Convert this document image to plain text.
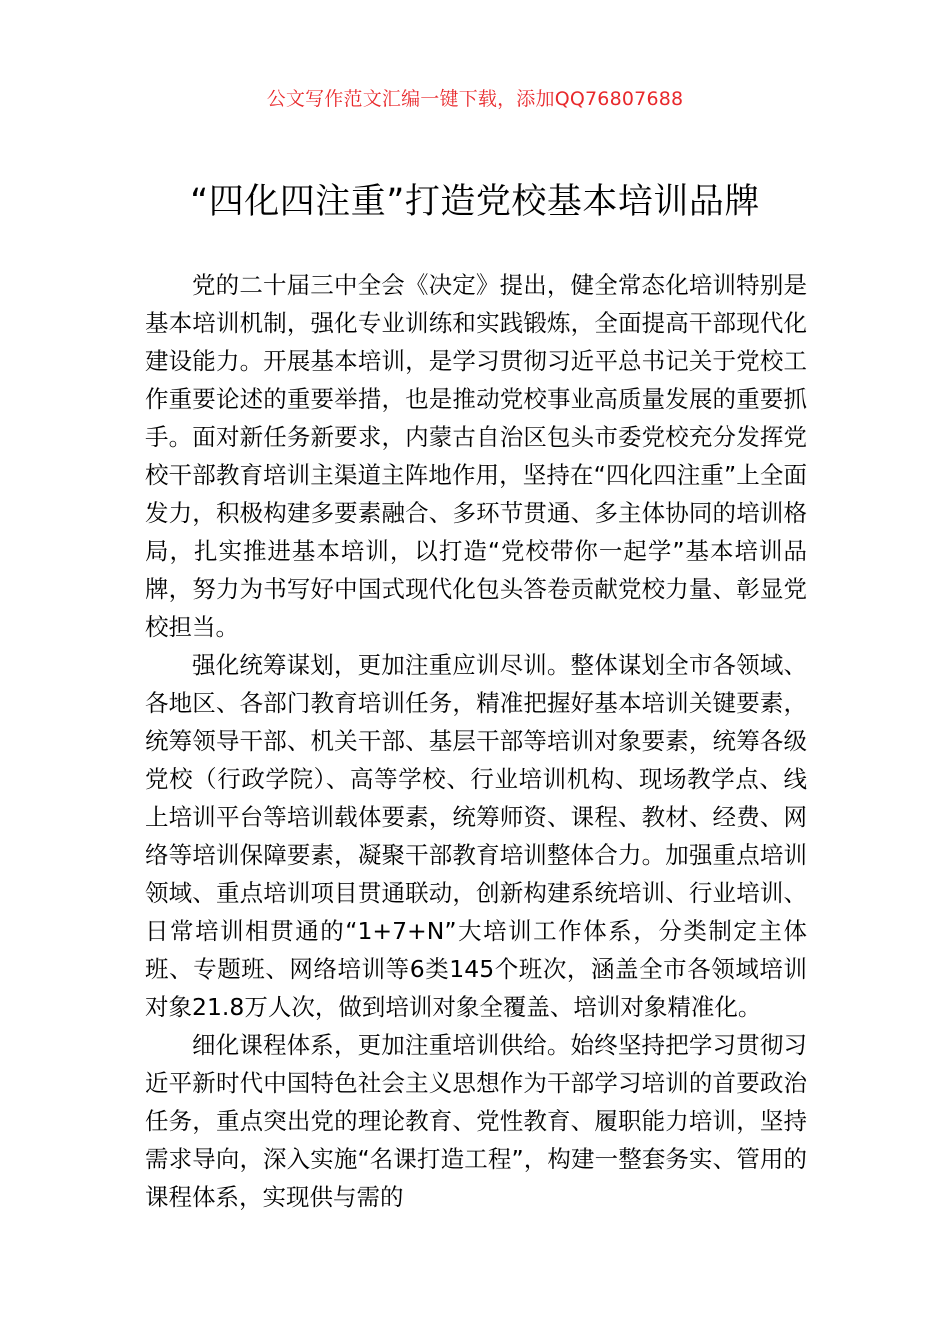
公文写作范文汇编一键下载，添加QQ76807688
“四化四注重”打造党校基本培训品牌

党的二十届三中全会《决定》提出，健全常态化培训特别是基本培训机制，强化专业训练和实践锻炼，全面提高干部现代化建设能力。开展基本培训，是学习贯彻习近平总书记关于党校工作重要论述的重要举措，也是推动党校事业高质量发展的重要抓手。面对新任务新要求，内蒙古自治区包头市委党校充分发挥党校干部教育培训主渠道主阵地作用，坚持在“四化四注重”上全面发力，积极构建多要素融合、多环节贯通、多主体协同的培训格局，扎实推进基本培训，以打造“党校带你一起学”基本培训品牌，努力为书写好中国式现代化包头答卷贡献党校力量、彰显党校担当。

强化统筹谋划，更加注重应训尽训。整体谋划全市各领域、各地区、各部门教育培训任务，精准把握好基本培训关键要素，统筹领导干部、机关干部、基层干部等培训对象要素，统筹各级党校（行政学院）、高等学校、行业培训机构、现场教学点、线上培训平台等培训载体要素，统筹师资、课程、教材、经费、网络等培训保障要素，凝聚干部教育培训整体合力。加强重点培训领域、重点培训项目贯通联动，创新构建系统培训、行业培训、日常培训相贯通的“1+7+N”大培训工作体系，分类制定主体班、专题班、网络培训等6类145个班次，涵盖全市各领域培训对象21.8万人次，做到培训对象全覆盖、培训对象精准化。

细化课程体系，更加注重培训供给。始终坚持把学习贯彻习近平新时代中国特色社会主义思想作为干部学习培训的首要政治任务，重点突出党的理论教育、党性教育、履职能力培训，坚持需求导向，深入实施“名课打造工程”，构建一整套务实、管用的课程体系，实现供与需的
